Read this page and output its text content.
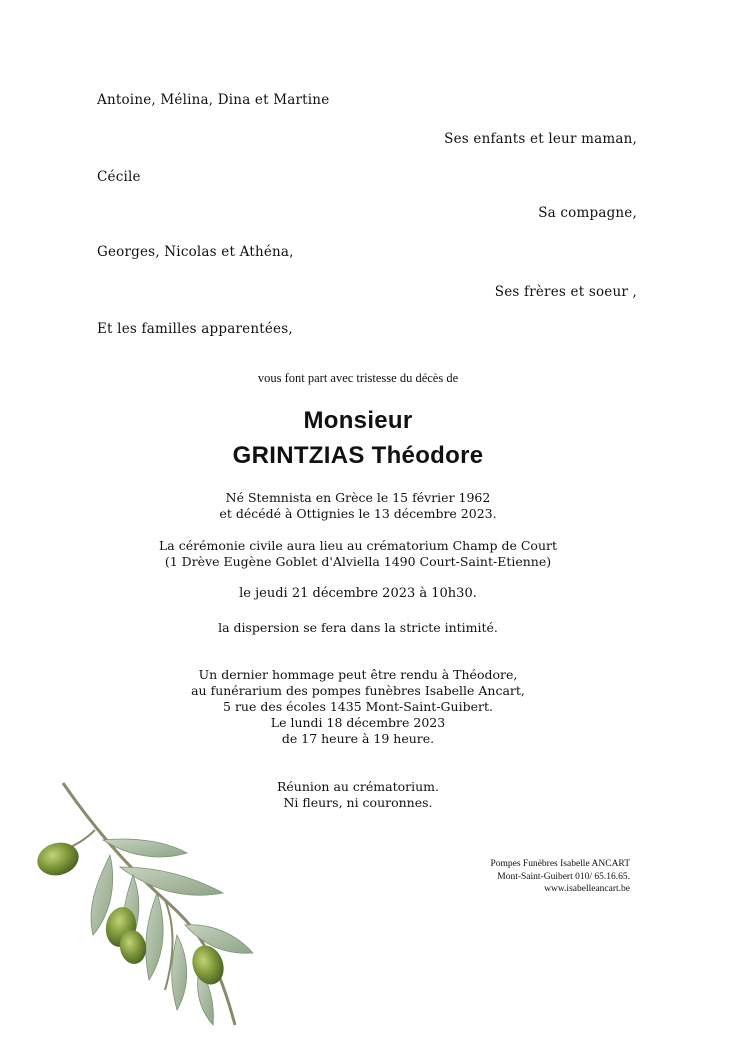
Antoine, Mélina, Dina et Martine
Ses enfants et leur maman,
Cécile
Sa compagne,
Georges, Nicolas et Athéna,
Ses frères et soeur ,
Et les familles apparentées,
vous font part avec tristesse du décès de
Monsieur
GRINTZIAS Théodore
Né Stemnista en Grèce le 15 février 1962
et décédé à Ottignies le 13 décembre 2023.
La cérémonie civile aura lieu au crématorium Champ de Court
(1 Drève Eugène Goblet d'Alviella 1490 Court-Saint-Etienne)
le jeudi 21 décembre 2023 à 10h30.
la dispersion se fera dans la stricte intimité.
Un dernier hommage peut être rendu à Théodore,
au funérarium des pompes funèbres Isabelle Ancart,
5 rue des écoles 1435 Mont-Saint-Guibert.
Le lundi 18 décembre 2023
de 17 heure à 19 heure.
Réunion au crématorium.
Ni fleurs, ni couronnes.
Pompes Funèbres Isabelle ANCART
Mont-Saint-Guibert 010/ 65.16.65.
www.isabelleancart.be
